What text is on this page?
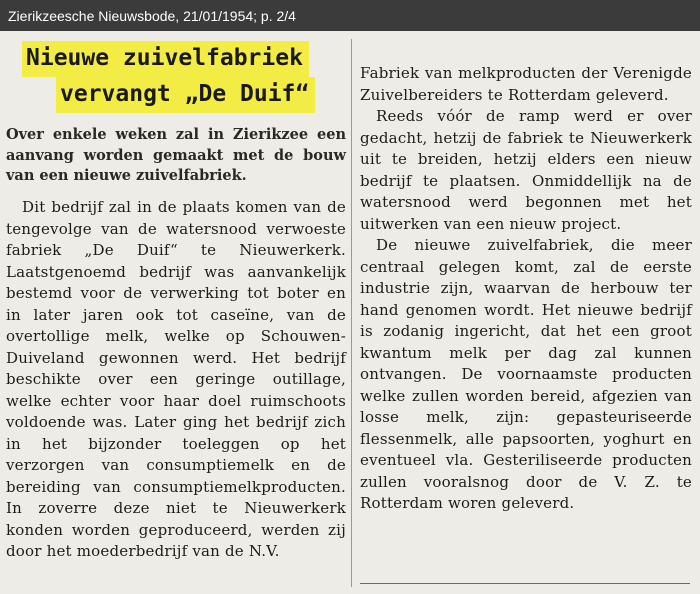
Zierikzeesche Nieuwsbode, 21/01/1954; p. 2/4
Nieuwe zuivelfabriek
vervangt „De Duif“
Over enkele weken zal in Zierikzee een aanvang worden gemaakt met de bouw van een nieuwe zuivelfabriek.

Dit bedrijf zal in de plaats komen van de tengevolge van de watersnood verwoeste fabriek „De Duif“ te Nieuwerkerk. Laatstgenoemd bedrijf was aanvankelijk bestemd voor de verwerking tot boter en in later jaren ook tot caseïne, van de overtollige melk, welke op Schouwen-Duiveland gewonnen werd. Het bedrijf beschikte over een geringe outillage, welke echter voor haar doel ruimschoots voldoende was. Later ging het bedrijf zich in het bijzonder toeleggen op het verzorgen van consumptiemelk en de bereiding van consumptiemelkproducten. In zoverre deze niet te Nieuwerkerk konden worden geproduceerd, werden zij door het moederbedrijf van de N.V.

Fabriek van melkproducten der Verenigde Zuivelbereiders te Rotterdam geleverd.

Reeds vóór de ramp werd er over gedacht, hetzij de fabriek te Nieuwerkerk uit te breiden, hetzij elders een nieuw bedrijf te plaatsen. Onmiddellijk na de watersnood werd begonnen met het uitwerken van een nieuw project.

De nieuwe zuivelfabriek, die meer centraal gelegen komt, zal de eerste industrie zijn, waarvan de herbouw ter hand genomen wordt. Het nieuwe bedrijf is zodanig ingericht, dat het een groot kwantum melk per dag zal kunnen ontvangen. De voornaamste producten welke zullen worden bereid, afgezien van losse melk, zijn: gepasteuriseerde flessenmelk, alle papsoorten, yoghurt en eventueel vla. Gesteriliseerde producten zullen vooralsnog door de V. Z. te Rotterdam woren geleverd.
